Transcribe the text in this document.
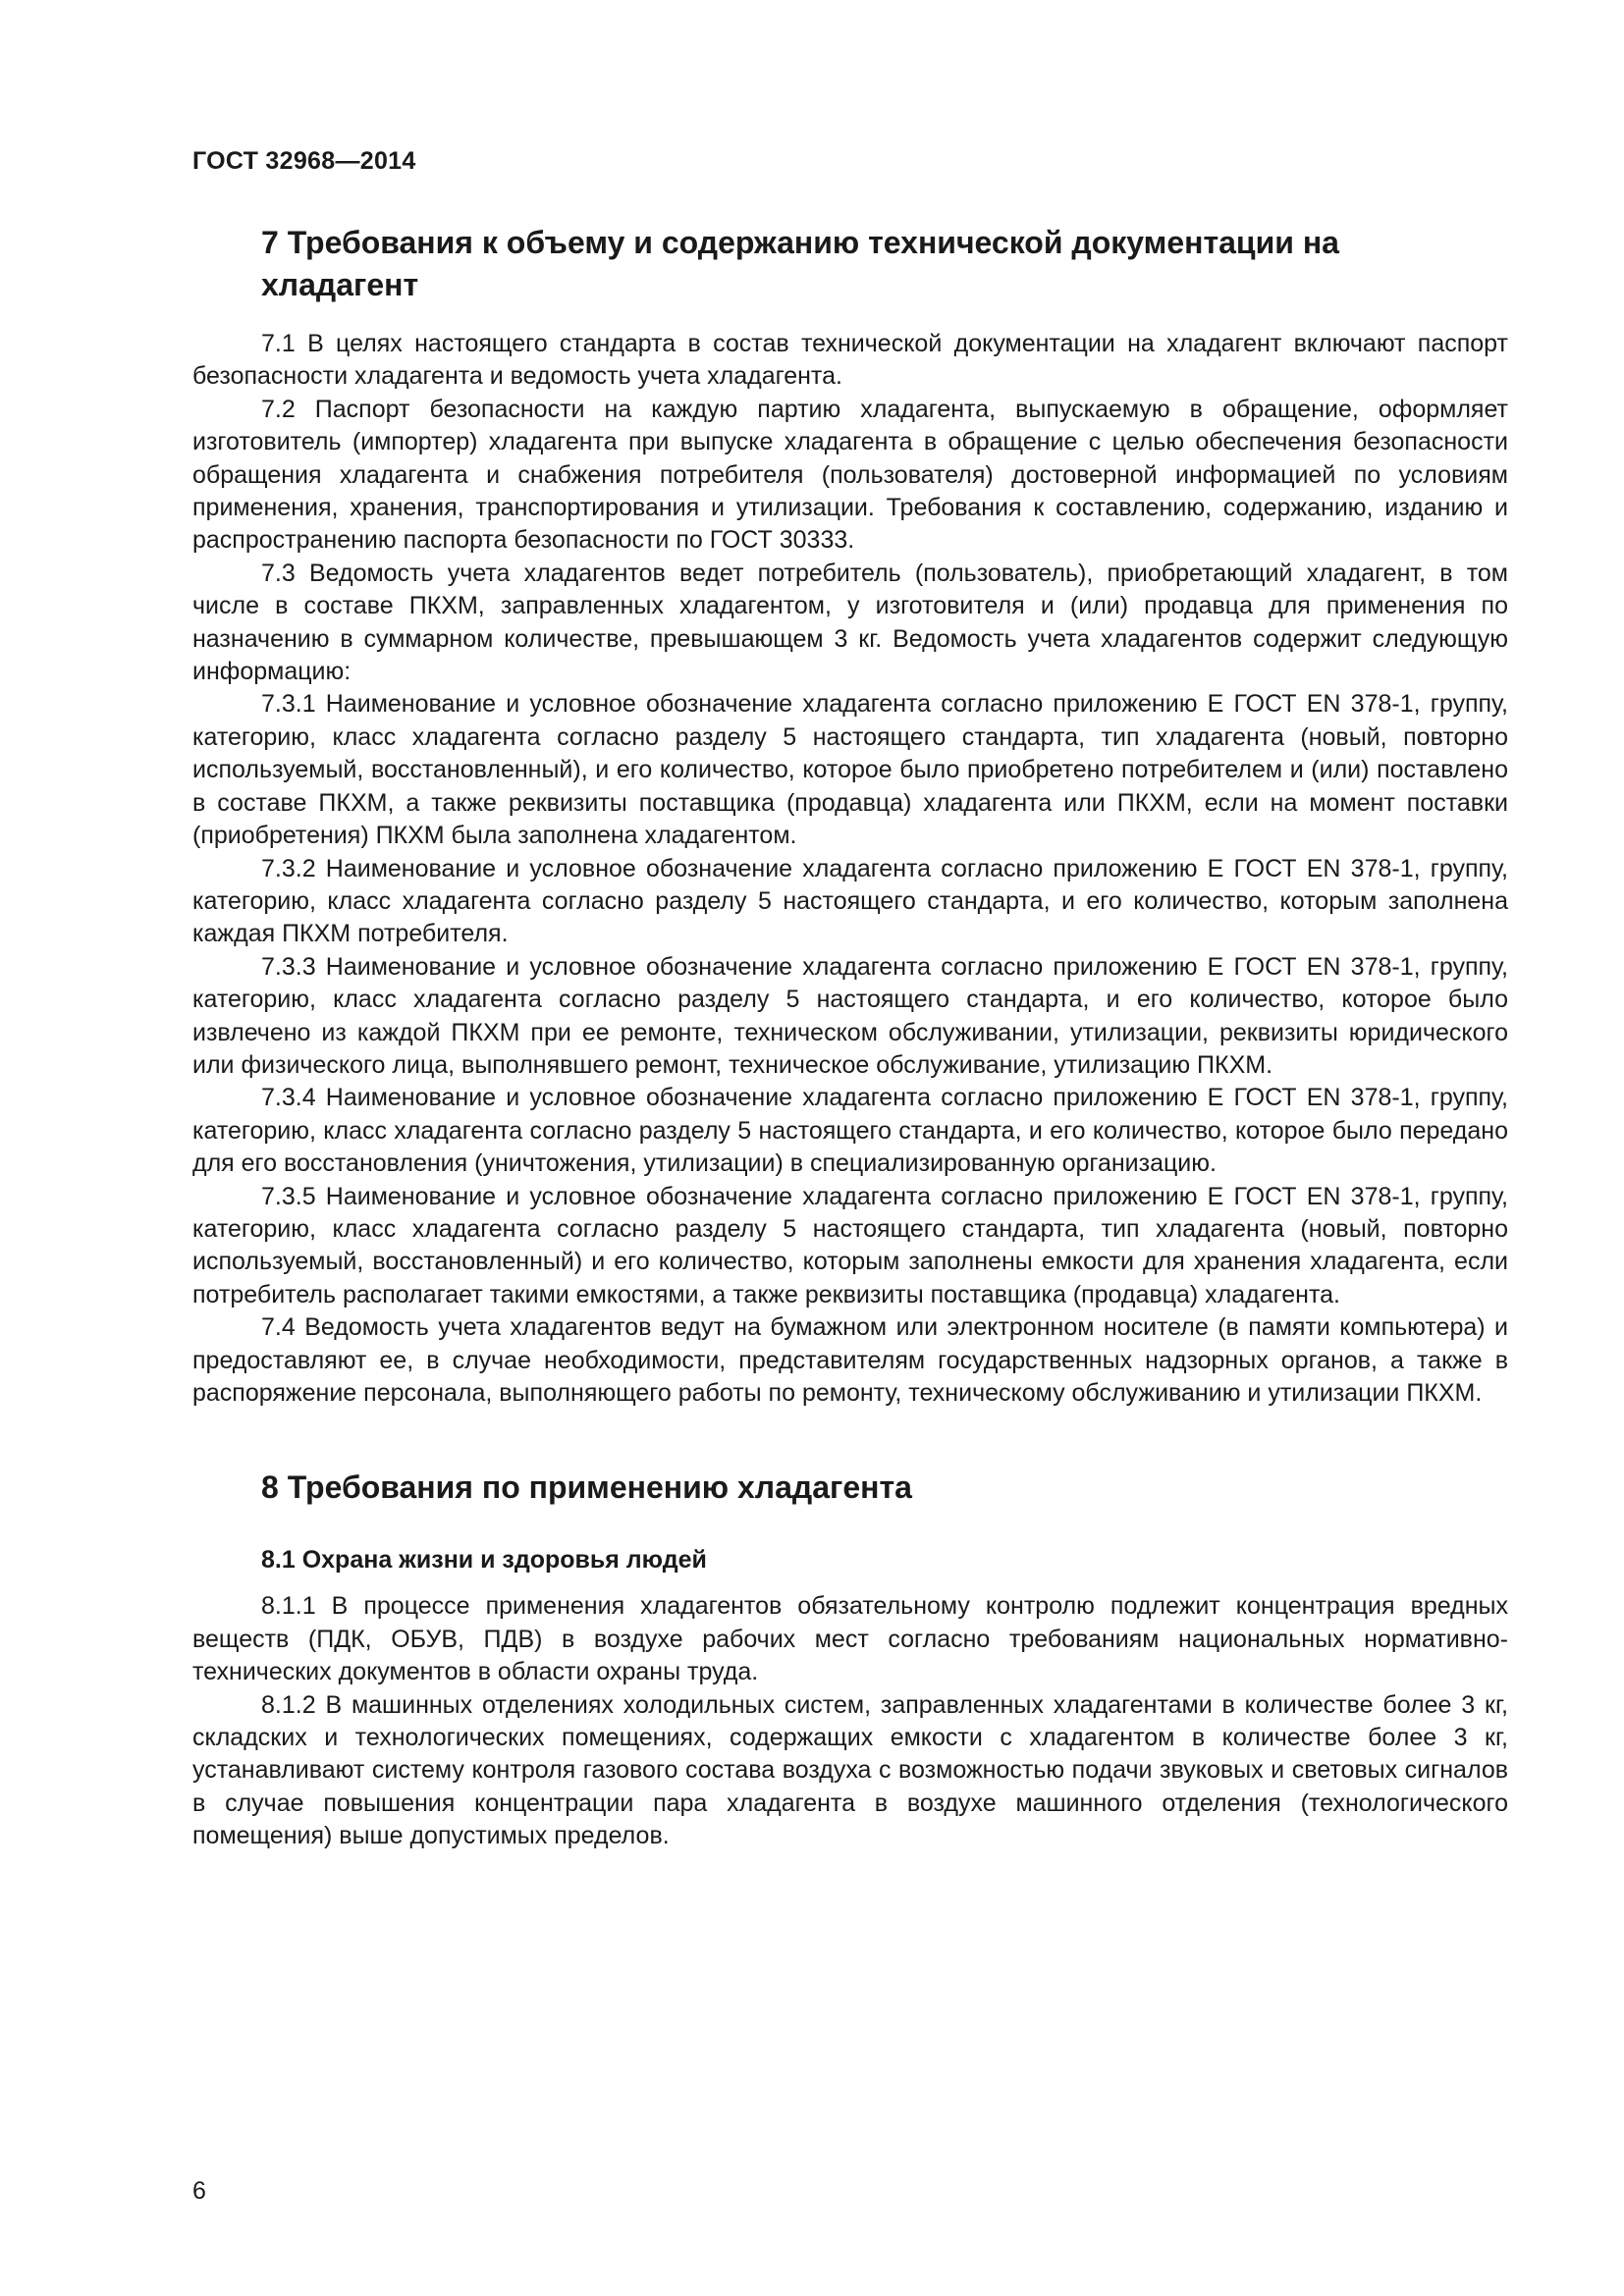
ГОСТ 32968—2014
7 Требования к объему и содержанию технической документации на хладагент

7.1 В целях настоящего стандарта в состав технической документации на хладагент включают паспорт безопасности хладагента и ведомость учета хладагента.

7.2 Паспорт безопасности на каждую партию хладагента, выпускаемую в обращение, оформляет изготовитель (импортер) хладагента при выпуске хладагента в обращение с целью обеспечения безопасности обращения хладагента и снабжения потребителя (пользователя) достоверной информацией по условиям применения, хранения, транспортирования и утилизации. Требования к составлению, содержанию, изданию и распространению паспорта безопасности по ГОСТ 30333.

7.3 Ведомость учета хладагентов ведет потребитель (пользователь), приобретающий хладагент, в том числе в составе ПКХМ, заправленных хладагентом, у изготовителя и (или) продавца для применения по назначению в суммарном количестве, превышающем 3 кг. Ведомость учета хладагентов содержит следующую информацию:

7.3.1 Наименование и условное обозначение хладагента согласно приложению Е ГОСТ EN 378-1, группу, категорию, класс хладагента согласно разделу 5 настоящего стандарта, тип хладагента (новый, повторно используемый, восстановленный), и его количество, которое было приобретено потребителем и (или) поставлено в составе ПКХМ, а также реквизиты поставщика (продавца) хладагента или ПКХМ, если на момент поставки (приобретения) ПКХМ была заполнена хладагентом.

7.3.2 Наименование и условное обозначение хладагента согласно приложению Е ГОСТ EN 378-1, группу, категорию, класс хладагента согласно разделу 5 настоящего стандарта, и его количество, которым заполнена каждая ПКХМ потребителя.

7.3.3 Наименование и условное обозначение хладагента согласно приложению Е ГОСТ EN 378-1, группу, категорию, класс хладагента согласно разделу 5 настоящего стандарта, и его количество, которое было извлечено из каждой ПКХМ при ее ремонте, техническом обслуживании, утилизации, реквизиты юридического или физического лица, выполнявшего ремонт, техническое обслуживание, утилизацию ПКХМ.

7.3.4 Наименование и условное обозначение хладагента согласно приложению Е ГОСТ EN 378-1, группу, категорию, класс хладагента согласно разделу 5 настоящего стандарта, и его количество, которое было передано для его восстановления (уничтожения, утилизации) в специализированную организацию.

7.3.5 Наименование и условное обозначение хладагента согласно приложению Е ГОСТ EN 378-1, группу, категорию, класс хладагента согласно разделу 5 настоящего стандарта, тип хладагента (новый, повторно используемый, восстановленный) и его количество, которым заполнены емкости для хранения хладагента, если потребитель располагает такими емкостями, а также реквизиты поставщика (продавца) хладагента.

7.4 Ведомость учета хладагентов ведут на бумажном или электронном носителе (в памяти компьютера) и предоставляют ее, в случае необходимости, представителям государственных надзорных органов, а также в распоряжение персонала, выполняющего работы по ремонту, техническому обслуживанию и утилизации ПКХМ.

8 Требования по применению хладагента
8.1 Охрана жизни и здоровья людей

8.1.1 В процессе применения хладагентов обязательному контролю подлежит концентрация вредных веществ (ПДК, ОБУВ, ПДВ) в воздухе рабочих мест согласно требованиям национальных нормативно-технических документов в области охраны труда.

8.1.2 В машинных отделениях холодильных систем, заправленных хладагентами в количестве более 3 кг, складских и технологических помещениях, содержащих емкости с хладагентом в количестве более 3 кг, устанавливают систему контроля газового состава воздуха с возможностью подачи звуковых и световых сигналов в случае повышения концентрации пара хладагента в воздухе машинного отделения (технологического помещения) выше допустимых пределов.

6
